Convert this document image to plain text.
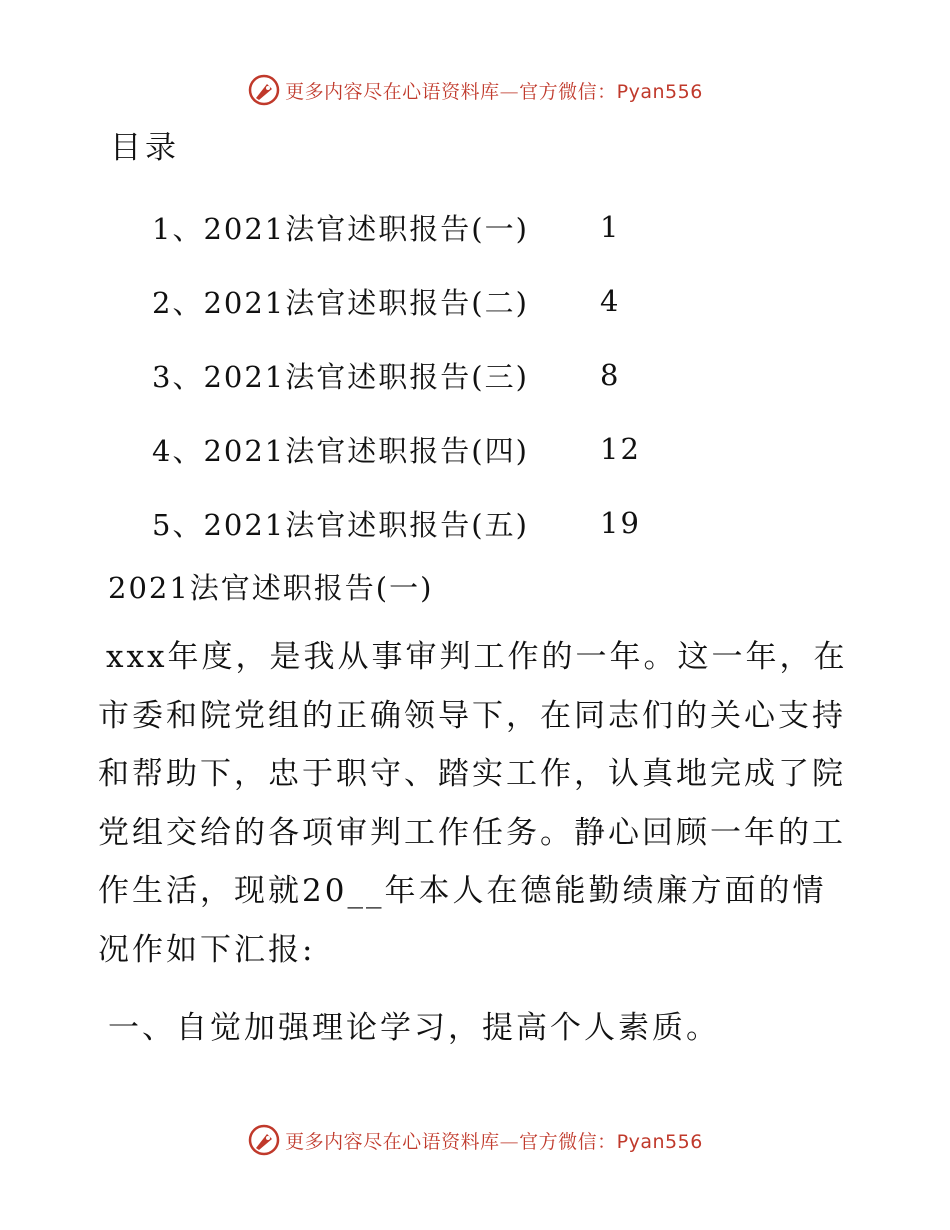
更多内容尽在心语资料库—官方微信：Pyan556
目录
1、2021法官述职报告(一)	1
2、2021法官述职报告(二)	4
3、2021法官述职报告(三)	8
4、2021法官述职报告(四)	12
5、2021法官述职报告(五)	19
2021法官述职报告(一)

xxx年度，是我从事审判工作的一年。这一年，在市委和院党组的正确领导下，在同志们的关心支持和帮助下，忠于职守、踏实工作，认真地完成了院党组交给的各项审判工作任务。静心回顾一年的工作生活，现就20__年本人在德能勤绩廉方面的情况作如下汇报:

一、自觉加强理论学习，提高个人素质。
更多内容尽在心语资料库—官方微信：Pyan556
